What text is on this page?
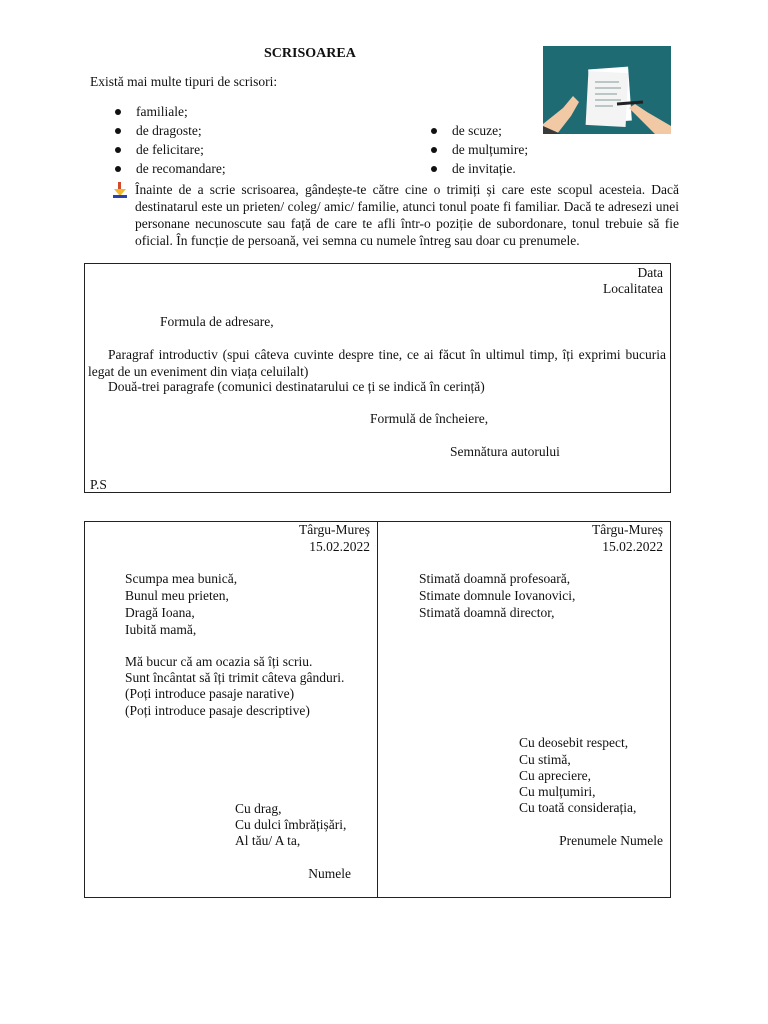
SCRISOAREA
Există mai multe tipuri de scrisori:
familiale;
de dragoste;
de felicitare;
de recomandare;
de scuze;
de mulțumire;
de invitație.
Înainte de a scrie scrisoarea, gândește-te către cine o trimiți și care este scopul acesteia. Dacă destinatarul este un prieten/ coleg/ amic/ familie, atunci tonul poate fi familiar. Dacă te adresezi unei personane necunoscute sau față de care te afli într-o poziție de subordonare, tonul trebuie să fie oficial. În funcție de persoană, vei semna cu numele întreg sau doar cu prenumele.
Data
Localitatea
Formula de adresare,
Paragraf introductiv (spui câteva cuvinte despre tine, ce ai făcut în ultimul timp, îți exprimi bucuria legat de un eveniment din viața celuilalt)
Două-trei paragrafe (comunici destinatarului ce ți se indică în cerință)
Formulă de încheiere,
Semnătura autorului
P.S
Târgu-Mureș
15.02.2022
Scumpa mea bunică,
Bunul meu prieten,
Dragă Ioana,
Iubită mamă,
Mă bucur că am ocazia să îți scriu.
Sunt încântat să îți trimit câteva gânduri.
(Poți introduce pasaje narative)
(Poți introduce pasaje descriptive)
Cu drag,
Cu dulci îmbrățișări,
Al tău/ A ta,
Numele
Târgu-Mureș
15.02.2022
Stimată doamnă profesoară,
Stimate domnule Iovanovici,
Stimată doamnă director,
Cu deosebit respect,
Cu stimă,
Cu apreciere,
Cu mulțumiri,
Cu toată considerația,
Prenumele Numele
